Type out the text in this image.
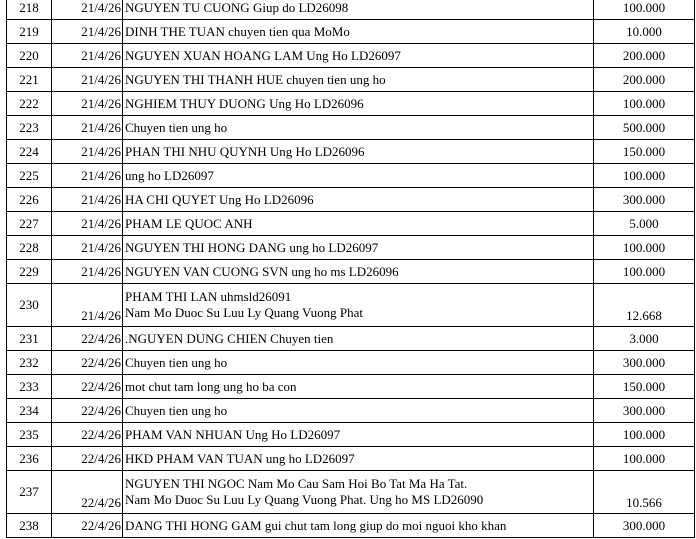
218	21/4/26	NGUYEN TU CUONG Giup do LD26098	100.000
219	21/4/26	DINH THE TUAN chuyen tien qua MoMo	10.000
220	21/4/26	NGUYEN XUAN HOANG LAM Ung Ho LD26097	200.000
221	21/4/26	NGUYEN THI THANH HUE chuyen tien ung ho	200.000
222	21/4/26	NGHIEM THUY DUONG Ung Ho LD26096	100.000
223	21/4/26	Chuyen tien ung ho	500.000
224	21/4/26	PHAN THI NHU QUYNH Ung Ho LD26096	150.000
225	21/4/26	ung ho LD26097	100.000
226	21/4/26	HA CHI QUYET Ung Ho LD26096	300.000
227	21/4/26	PHAM LE QUOC ANH	5.000
228	21/4/26	NGUYEN THI HONG DANG ung ho LD26097	100.000
229	21/4/26	NGUYEN VAN CUONG SVN ung ho ms LD26096	100.000
230	21/4/26	PHAM THI LAN uhmsld26091
Nam Mo Duoc Su Luu Ly Quang Vuong Phat	12.668
231	22/4/26	.NGUYEN DUNG CHIEN Chuyen tien	3.000
232	22/4/26	Chuyen tien ung ho	300.000
233	22/4/26	mot chut tam long ung ho ba con	150.000
234	22/4/26	Chuyen tien ung ho	300.000
235	22/4/26	PHAM VAN NHUAN Ung Ho LD26097	100.000
236	22/4/26	HKD PHAM VAN TUAN ung ho LD26097	100.000
237	22/4/26	NGUYEN THI NGOC Nam Mo Cau Sam Hoi Bo Tat Ma Ha Tat.
Nam Mo Duoc Su Luu Ly Quang Vuong Phat. Ung ho MS LD26090	10.566
238	22/4/26	DANG THI HONG GAM gui chut tam long giup do moi nguoi kho khan	300.000
